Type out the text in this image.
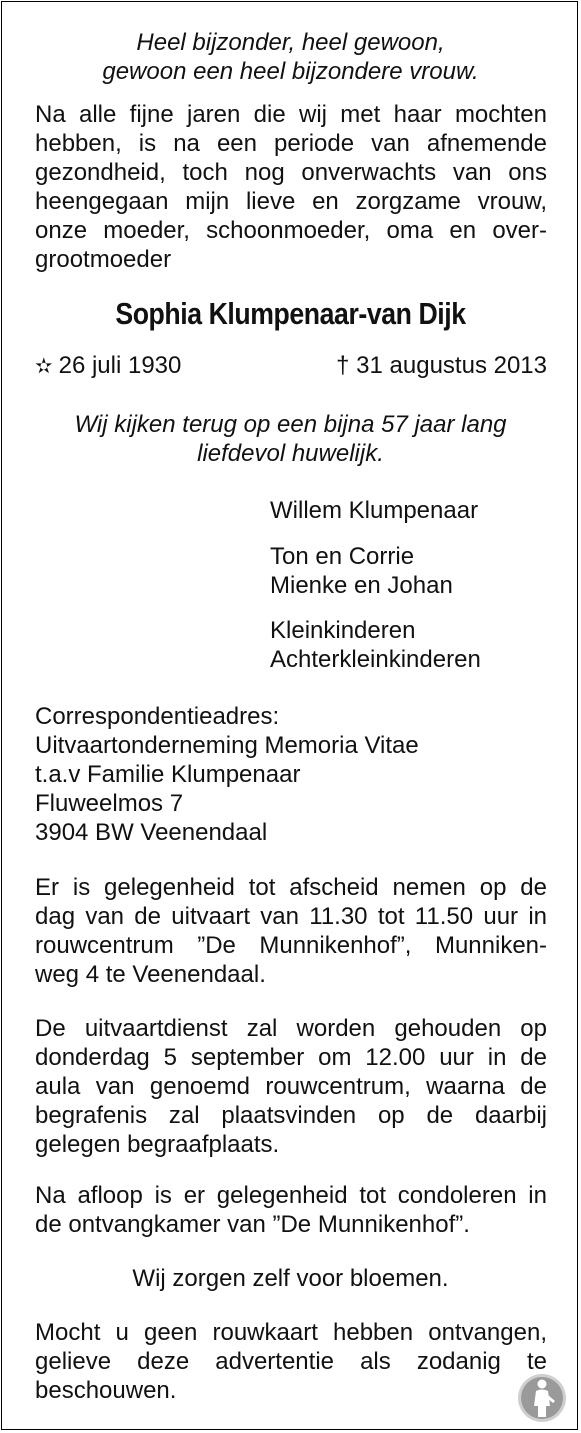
Heel bijzonder, heel gewoon,
gewoon een heel bijzondere vrouw.
Na alle fijne jaren die wij met haar mochten
hebben, is na een periode van afnemende
gezondheid, toch nog onverwachts van ons
heengegaan mijn lieve en zorgzame vrouw,
onze moeder, schoonmoeder, oma en over-
grootmoeder
Sophia Klumpenaar-van Dijk
✫ 26 juli 1930	† 31 augustus 2013
Wij kijken terug op een bijna 57 jaar lang
liefdevol huwelijk.
Willem Klumpenaar
Ton en Corrie
Mienke en Johan
Kleinkinderen
Achterkleinkinderen
Correspondentieadres:
Uitvaartonderneming Memoria Vitae
t.a.v Familie Klumpenaar
Fluweelmos 7
3904 BW Veenendaal
Er is gelegenheid tot afscheid nemen op de
dag van de uitvaart van 11.30 tot 11.50 uur in
rouwcentrum ”De Munnikenhof”, Munniken-
weg 4 te Veenendaal.
De uitvaartdienst zal worden gehouden op
donderdag 5 september om 12.00 uur in de
aula van genoemd rouwcentrum, waarna de
begrafenis zal plaatsvinden op de daarbij
gelegen begraafplaats.
Na afloop is er gelegenheid tot condoleren in
de ontvangkamer van ”De Munnikenhof”.
Wij zorgen zelf voor bloemen.
Mocht u geen rouwkaart hebben ontvangen,
gelieve deze advertentie als zodanig te
beschouwen.
